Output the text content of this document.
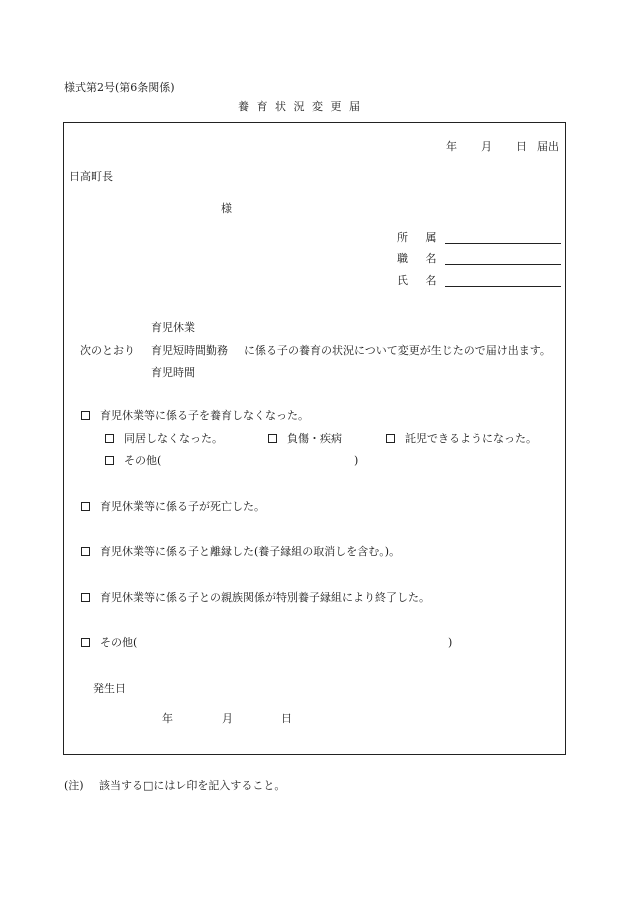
様式第2号(第6条関係)
養 育 状 況 変 更 届
年 月 日 届出
日高町長
様
所 属
職 名
氏 名
育児休業
次のとおり 育児短時間勤務 に係る子の養育の状況について変更が生じたので届け出ます。
育児時間
育児休業等に係る子を養育しなくなった。
同居しなくなった。	負傷・疾病	託児できるようになった。
その他(	)
育児休業等に係る子が死亡した。
育児休業等に係る子と離縁した(養子縁組の取消しを含む。)。
育児休業等に係る子との親族関係が特別養子縁組により終了した。
その他(	)
発生日
年	月	日
(注) 該当する□にはレ印を記入すること。
